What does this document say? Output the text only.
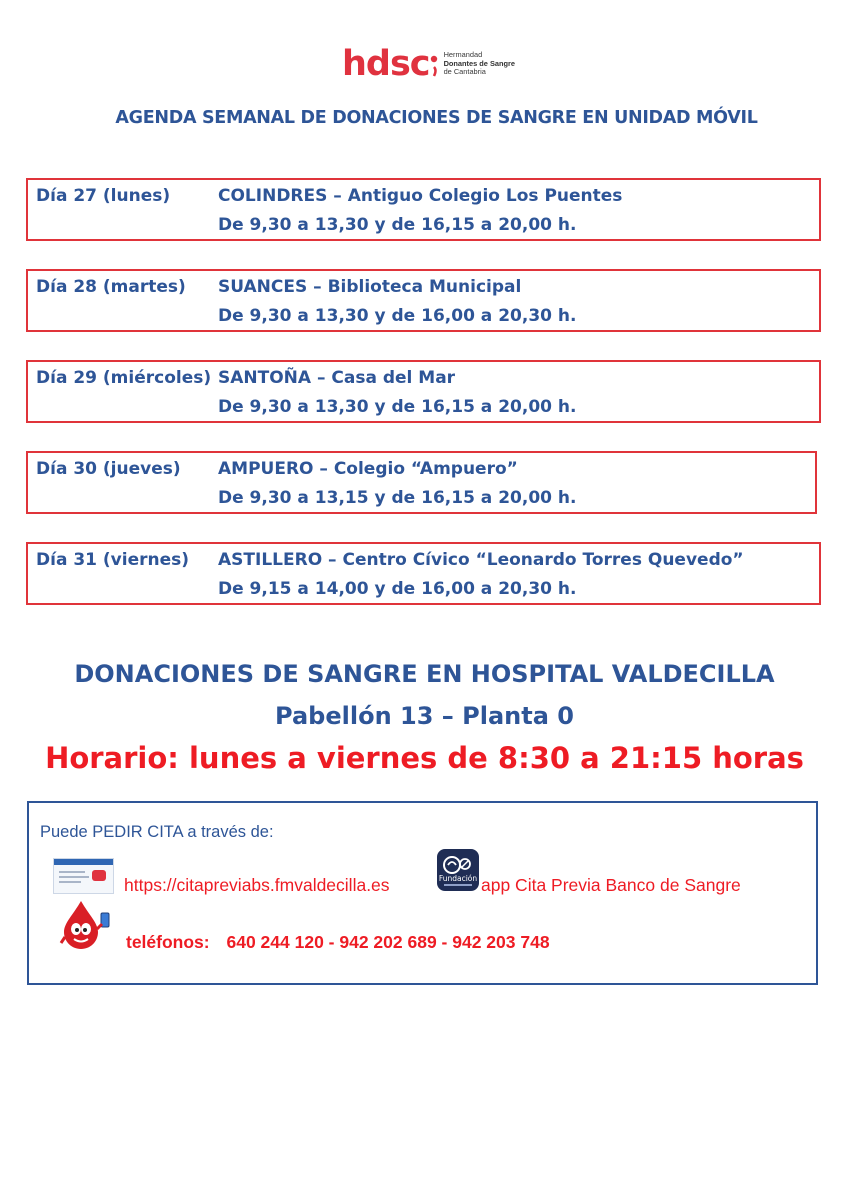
hdsc Hermandad
Donantes de Sangre
de Cantabria
AGENDA SEMANAL DE DONACIONES DE SANGRE EN UNIDAD MÓVIL
Día 27 (lunes)	COLINDRES – Antiguo Colegio Los Puentes
De 9,30 a 13,30 y de 16,15 a 20,00 h.
Día 28 (martes) SUANCES – Biblioteca Municipal
De 9,30 a 13,30 y de 16,00 a 20,30 h.
Día 29 (miércoles) SANTOÑA – Casa del Mar
De 9,30 a 13,30 y de 16,15 a 20,00 h.
Día 30 (jueves) AMPUERO – Colegio “Ampuero”
De 9,30 a 13,15 y de 16,15 a 20,00 h.
Día 31 (viernes) ASTILLERO – Centro Cívico “Leonardo Torres Quevedo”
De 9,15 a 14,00 y de 16,00 a 20,30 h.
DONACIONES DE SANGRE EN HOSPITAL VALDECILLA
Pabellón 13 – Planta 0
Horario: lunes a viernes de 8:30 a 21:15 horas
Puede PEDIR CITA a través de:
https://citapreviabs.fmvaldecilla.es	Fundación app Cita Previa Banco de Sangre
teléfonos: 640 244 120 - 942 202 689 - 942 203 748
